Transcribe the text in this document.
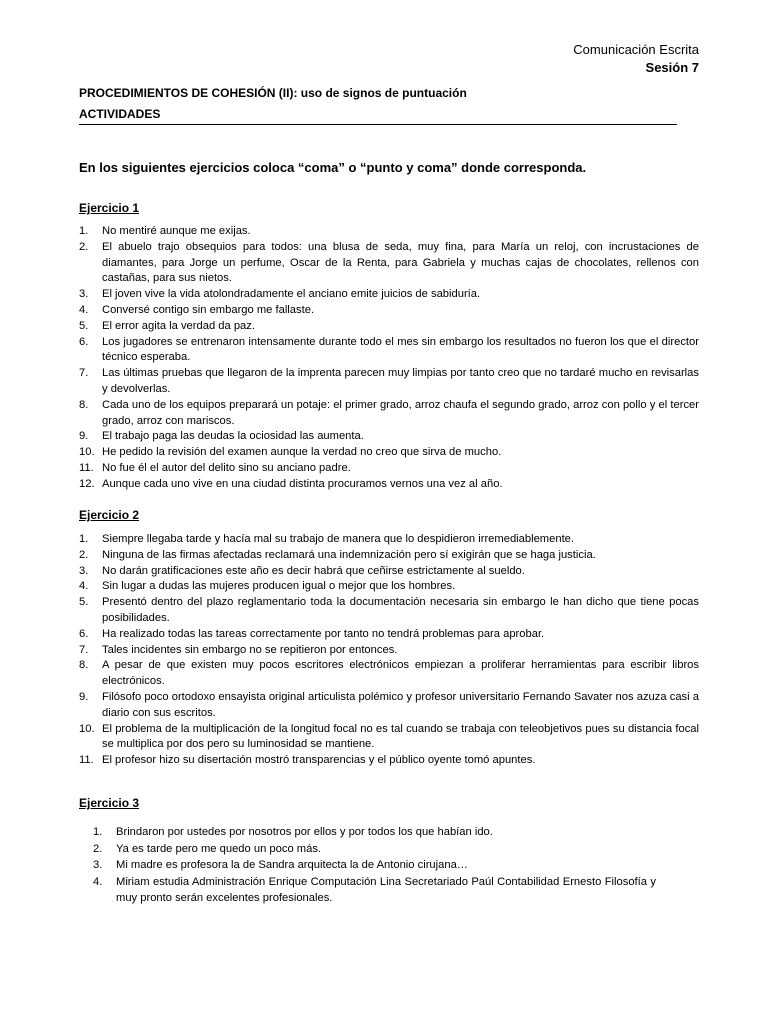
Comunicación Escrita
Sesión 7
PROCEDIMIENTOS DE COHESIÓN (II): uso de signos de puntuación
ACTIVIDADES
En los siguientes ejercicios coloca “coma” o “punto y coma” donde corresponda.
Ejercicio 1
1. No mentiré aunque me exijas.
2. El abuelo trajo obsequios para todos: una blusa de seda, muy fina, para María un reloj, con incrustaciones de diamantes, para Jorge un perfume, Oscar de la Renta, para Gabriela y muchas cajas de chocolates, rellenos con castañas, para sus nietos.
3. El joven vive la vida atolondradamente el anciano emite juicios de sabiduría.
4. Conversé contigo sin embargo me fallaste.
5. El error agita la verdad da paz.
6. Los jugadores se entrenaron intensamente durante todo el mes sin embargo los resultados no fueron los que el director técnico esperaba.
7. Las últimas pruebas que llegaron de la imprenta parecen muy limpias por tanto creo que no tardaré mucho en revisarlas y devolverlas.
8. Cada uno de los equipos preparará un potaje: el primer grado, arroz chaufa el segundo grado, arroz con pollo y el tercer grado, arroz con mariscos.
9. El trabajo paga las deudas la ociosidad las aumenta.
10. He pedido la revisión del examen aunque la verdad no creo que sirva de mucho.
11. No fue él el autor del delito sino su anciano padre.
12. Aunque cada uno vive en una ciudad distinta procuramos vernos una vez al año.
Ejercicio 2
1. Siempre llegaba tarde y hacía mal su trabajo de manera que lo despidieron irremediablemente.
2. Ninguna de las firmas afectadas reclamará una indemnización pero sí exigirán que se haga justicia.
3. No darán gratificaciones este año es decir habrá que ceñirse estrictamente al sueldo.
4. Sin lugar a dudas las mujeres producen igual o mejor que los hombres.
5. Presentó dentro del plazo reglamentario toda la documentación necesaria sin embargo le han dicho que tiene pocas posibilidades.
6. Ha realizado todas las tareas correctamente por tanto no tendrá problemas para aprobar.
7. Tales incidentes sin embargo no se repitieron por entonces.
8. A pesar de que existen muy pocos escritores electrónicos empiezan a proliferar herramientas para escribir libros electrónicos.
9. Filósofo poco ortodoxo ensayista original articulista polémico y profesor universitario Fernando Savater nos azuza casi a diario con sus escritos.
10. El problema de la multiplicación de la longitud focal no es tal cuando se trabaja con teleobjetivos pues su distancia focal se multiplica por dos pero su luminosidad se mantiene.
11. El profesor hizo su disertación mostró transparencias y el público oyente tomó apuntes.
Ejercicio 3
1. Brindaron por ustedes por nosotros por ellos y por todos los que habían ido.
2. Ya es tarde pero me quedo un poco más.
3. Mi madre es profesora la de Sandra arquitecta la de Antonio cirujana…
4. Miriam estudia Administración Enrique Computación Lina Secretariado Paúl Contabilidad Ernesto Filosofía y muy pronto serán excelentes profesionales.
